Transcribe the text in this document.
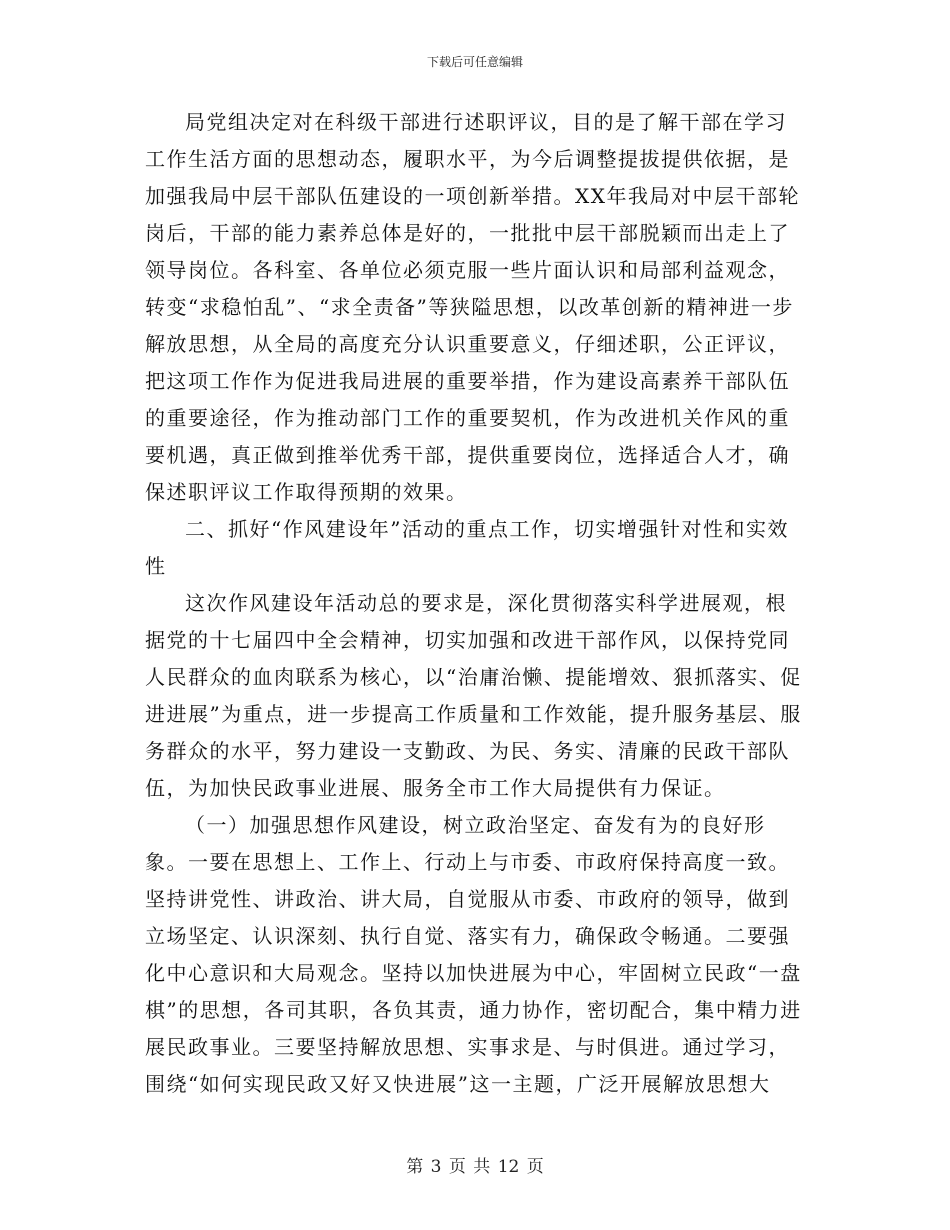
下载后可任意编辑

局党组决定对在科级干部进行述职评议，目的是了解干部在学习工作生活方面的思想动态，履职水平，为今后调整提拔提供依据，是加强我局中层干部队伍建设的一项创新举措。XX年我局对中层干部轮岗后，干部的能力素养总体是好的，一批批中层干部脱颖而出走上了领导岗位。各科室、各单位必须克服一些片面认识和局部利益观念，转变“求稳怕乱”、“求全责备”等狭隘思想，以改革创新的精神进一步解放思想，从全局的高度充分认识重要意义，仔细述职，公正评议，把这项工作作为促进我局进展的重要举措，作为建设高素养干部队伍的重要途径，作为推动部门工作的重要契机，作为改进机关作风的重要机遇，真正做到推举优秀干部，提供重要岗位，选择适合人才，确保述职评议工作取得预期的效果。

二、抓好“作风建设年”活动的重点工作，切实增强针对性和实效性

这次作风建设年活动总的要求是，深化贯彻落实科学进展观，根据党的十七届四中全会精神，切实加强和改进干部作风，以保持党同人民群众的血肉联系为核心，以“治庸治懒、提能增效、狠抓落实、促进进展”为重点，进一步提高工作质量和工作效能，提升服务基层、服务群众的水平，努力建设一支勤政、为民、务实、清廉的民政干部队伍，为加快民政事业进展、服务全市工作大局提供有力保证。

（一）加强思想作风建设，树立政治坚定、奋发有为的良好形象。一要在思想上、工作上、行动上与市委、市政府保持高度一致。坚持讲党性、讲政治、讲大局，自觉服从市委、市政府的领导，做到立场坚定、认识深刻、执行自觉、落实有力，确保政令畅通。二要强化中心意识和大局观念。坚持以加快进展为中心，牢固树立民政“一盘棋”的思想，各司其职，各负其责，通力协作，密切配合，集中精力进展民政事业。三要坚持解放思想、实事求是、与时俱进。通过学习，围绕“如何实现民政又好又快进展”这一主题，广泛开展解放思想大

第 3 页 共 12 页
